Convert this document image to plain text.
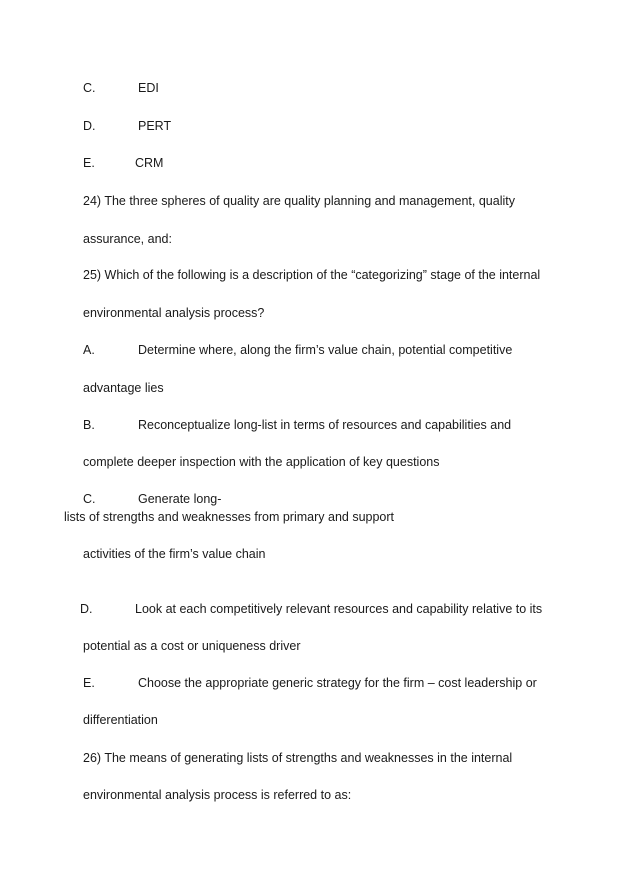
C.	EDI
D.	PERT
E.	CRM
24) The three spheres of quality are quality planning and management, quality
assurance, and:
25) Which of the following is a description of the “categorizing” stage of the internal
environmental analysis process?
A.	Determine where, along the firm’s value chain, potential competitive
advantage lies
B.	Reconceptualize long-list in terms of resources and capabilities and
complete deeper inspection with the application of key questions
C.	Generate long-
lists of strengths and weaknesses from primary and support
activities of the firm’s value chain
D.	Look at each competitively relevant resources and capability relative to its
potential as a cost or uniqueness driver
E.	Choose the appropriate generic strategy for the firm – cost leadership or
differentiation
26) The means of generating lists of strengths and weaknesses in the internal
environmental analysis process is referred to as:
